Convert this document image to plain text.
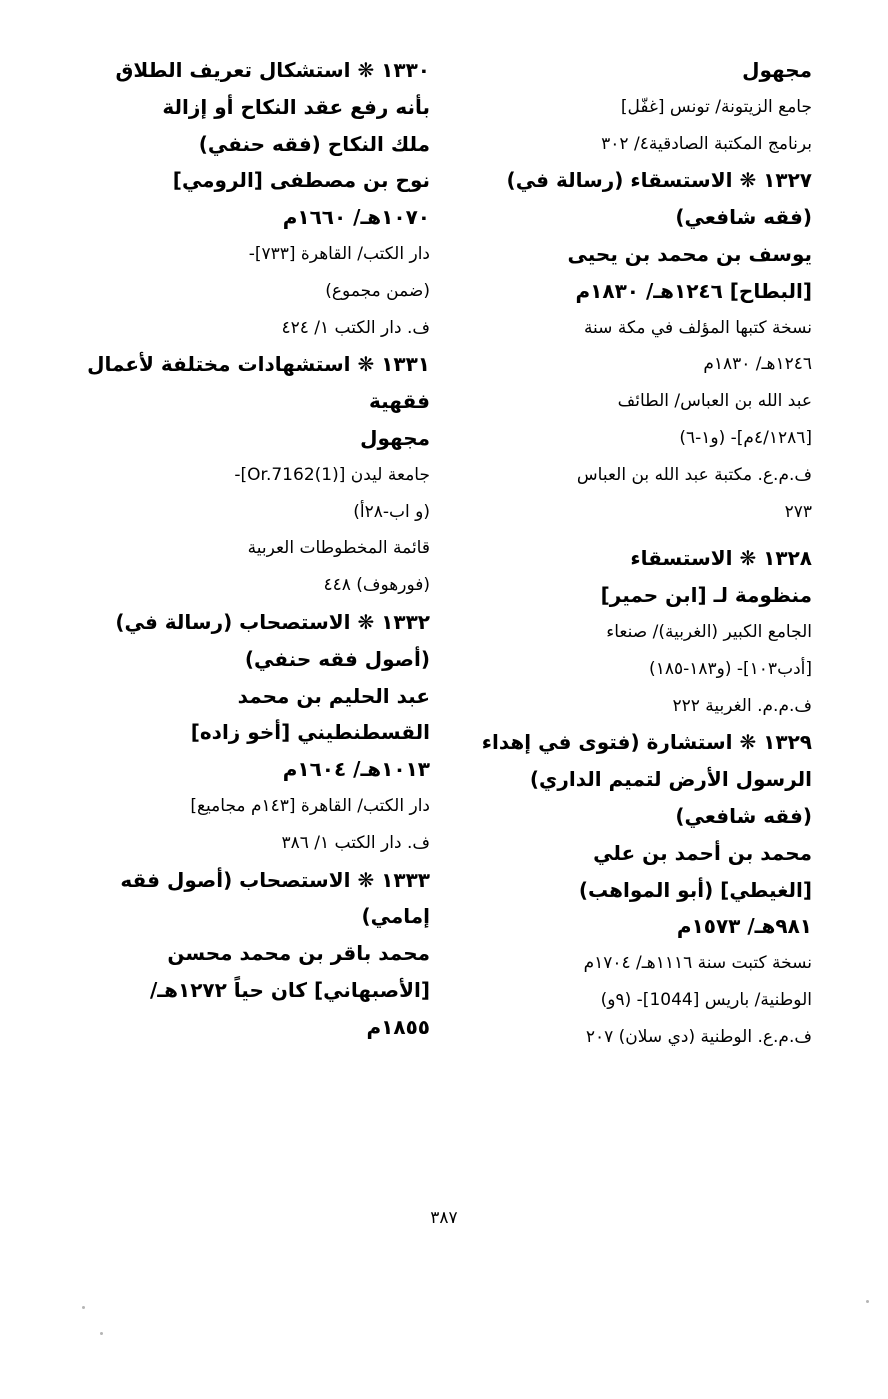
مجهول
جامع الزيتونة/ تونس [غفّل]
برنامج المكتبة الصادقية٤/ ٣٠٢
١٣٢٧ ❋ الاستسقاء (رسالة في)
(فقه شافعي)
يوسف بن محمد بن يحيى
[البطاح] ١٢٤٦هـ/ ١٨٣٠م
نسخة كتبها المؤلف في مكة سنة
١٢٤٦هـ/ ١٨٣٠م
عبد الله بن العباس/ الطائف
[٤/١٢٨٦م]- (و١-٦)
ف.م.ع. مكتبة عبد الله بن العباس
٢٧٣
١٣٢٨ ❋ الاستسقاء
منظومة لـ [ابن حمير]
الجامع الكبير (الغربية)/ صنعاء
[أدب١٠٣]- (و١٨٣-١٨٥)
ف.م.م. الغربية ٢٢٢
١٣٢٩ ❋ استشارة (فتوى في إهداء
الرسول الأرض لتميم الداري)
(فقه شافعي)
محمد بن أحمد بن علي
[الغيطي] (أبو المواهب)
٩٨١هـ/ ١٥٧٣م
نسخة كتبت سنة ١١١٦هـ/ ١٧٠٤م
الوطنية/ باريس [1044]- (٩و)
ف.م.ع. الوطنية (دي سلان) ٢٠٧
١٣٣٠ ❋ استشكال تعريف الطلاق
بأنه رفع عقد النكاح أو إزالة
ملك النكاح (فقه حنفي)
نوح بن مصطفى [الرومي]
١٠٧٠هـ/ ١٦٦٠م
دار الكتب/ القاهرة [٧٣٣]-
(ضمن مجموع)
ف. دار الكتب ١/ ٤٢٤
١٣٣١ ❋ استشهادات مختلفة لأعمال
فقهية
مجهول
جامعة ليدن [Or.7162(1)]-
(و اب-٢٨أ)
قائمة المخطوطات العربية
(فورهوف) ٤٤٨
١٣٣٢ ❋ الاستصحاب (رسالة في)
(أصول فقه حنفي)
عبد الحليم بن محمد
القسطنطيني [أخو زاده]
١٠١٣هـ/ ١٦٠٤م
دار الكتب/ القاهرة [١٤٣م مجاميع]
ف. دار الكتب ١/ ٣٨٦
١٣٣٣ ❋ الاستصحاب (أصول فقه
إمامي)
محمد باقر بن محمد محسن
[الأصبهاني] كان حياً ١٢٧٢هـ/
١٨٥٥م
٣٨٧
